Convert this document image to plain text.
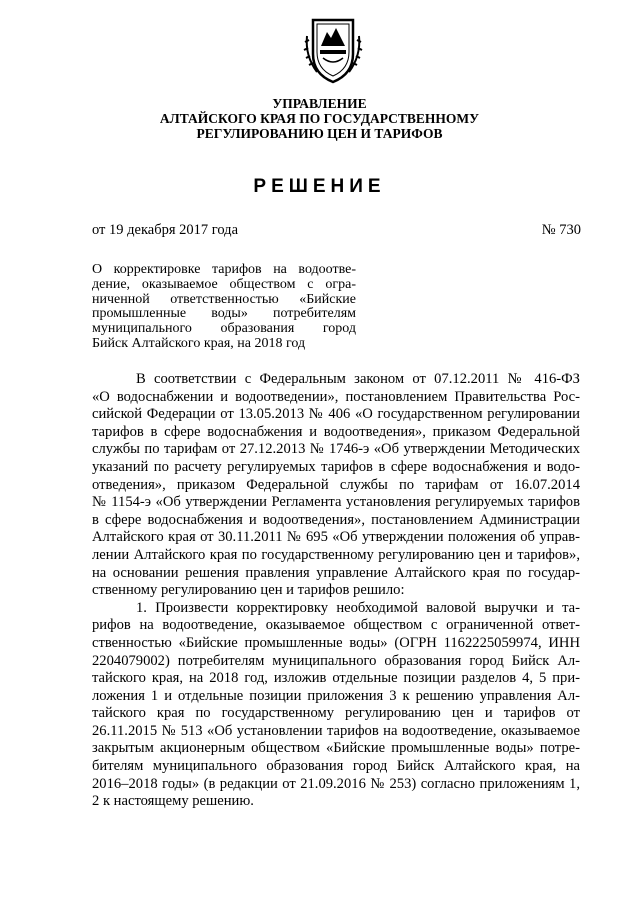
УПРАВЛЕНИЕ
АЛТАЙСКОГО КРАЯ ПО ГОСУДАРСТВЕННОМУ
РЕГУЛИРОВАНИЮ ЦЕН И ТАРИФОВ
РЕШЕНИЕ
от 19 декабря 2017 года	№ 730
О корректировке тарифов на водоотве-
дение, оказываемое обществом с огра-
ниченной ответственностью «Бийские
промышленные воды» потребителям
муниципального образования город
Бийск Алтайского края, на 2018 год
В соответствии с Федеральным законом от 07.12.2011 № 416-ФЗ
«О водоснабжении и водоотведении», постановлением Правительства Рос-
сийской Федерации от 13.05.2013 № 406 «О государственном регулировании
тарифов в сфере водоснабжения и водоотведения», приказом Федеральной
службы по тарифам от 27.12.2013 № 1746-э «Об утверждении Методических
указаний по расчету регулируемых тарифов в сфере водоснабжения и водо-
отведения», приказом Федеральной службы по тарифам от 16.07.2014
№ 1154-э «Об утверждении Регламента установления регулируемых тарифов
в сфере водоснабжения и водоотведения», постановлением Администрации
Алтайского края от 30.11.2011 № 695 «Об утверждении положения об управ-
лении Алтайского края по государственному регулированию цен и тарифов»,
на основании решения правления управление Алтайского края по государ-
ственному регулированию цен и тарифов решило:
1. Произвести корректировку необходимой валовой выручки и та-
рифов на водоотведение, оказываемое обществом с ограниченной ответ-
ственностью «Бийские промышленные воды» (ОГРН 1162225059974, ИНН
2204079002) потребителям муниципального образования город Бийск Ал-
тайского края, на 2018 год, изложив отдельные позиции разделов 4, 5 при-
ложения 1 и отдельные позиции приложения 3 к решению управления Ал-
тайского края по государственному регулированию цен и тарифов от
26.11.2015 № 513 «Об установлении тарифов на водоотведение, оказываемое
закрытым акционерным обществом «Бийские промышленные воды» потре-
бителям муниципального образования город Бийск Алтайского края, на
2016–2018 годы» (в редакции от 21.09.2016 № 253) согласно приложениям 1,
2 к настоящему решению.
